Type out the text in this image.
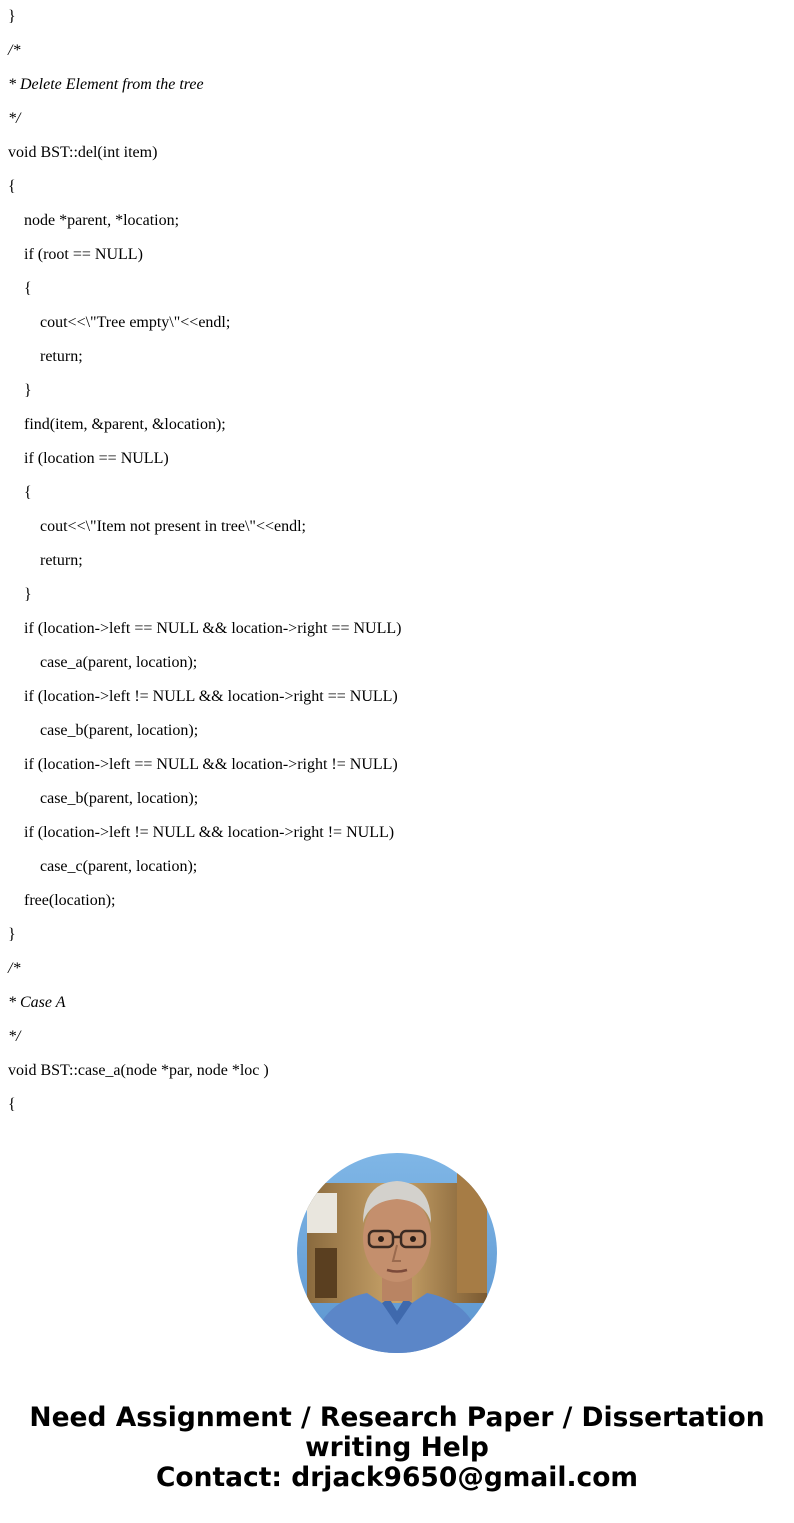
}
/*
* Delete Element from the tree
*/
void BST::del(int item)
{
node *parent, *location;
if (root == NULL)
{
cout<<\"Tree empty\"<<endl;
return;
}
find(item, &parent, &location);
if (location == NULL)
{
cout<<\"Item not present in tree\"<<endl;
return;
}
if (location->left == NULL && location->right == NULL)
case_a(parent, location);
if (location->left != NULL && location->right == NULL)
case_b(parent, location);
if (location->left == NULL && location->right != NULL)
case_b(parent, location);
if (location->left != NULL && location->right != NULL)
case_c(parent, location);
free(location);
}
/*
* Case A
*/
void BST::case_a(node *par, node *loc )
{
Need Assignment / Research Paper / Dissertation
writing Help
Contact: drjack9650@gmail.com
